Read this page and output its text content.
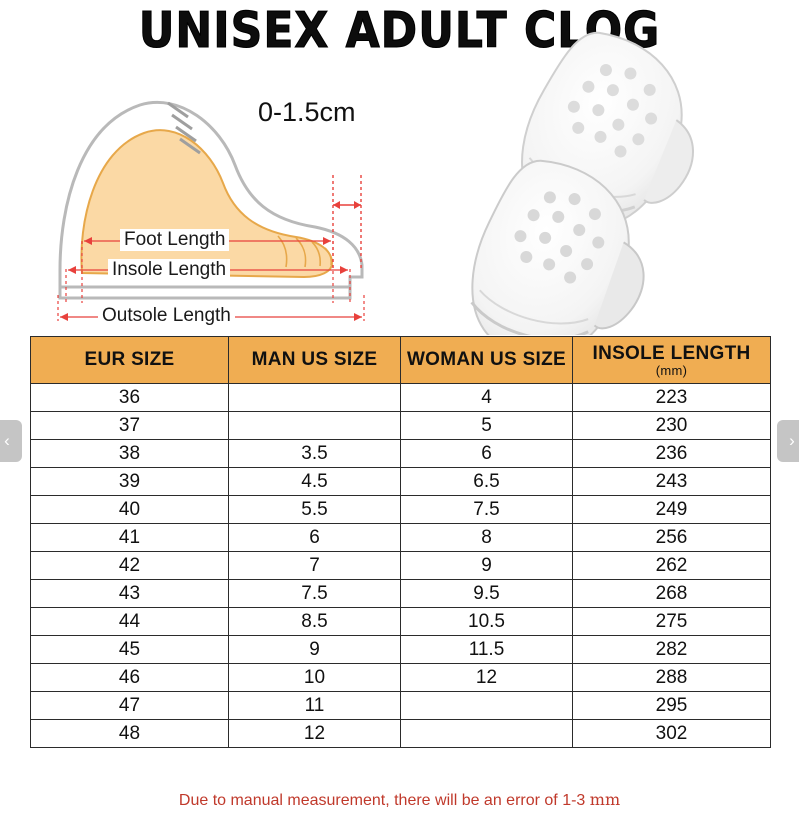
UNISEX ADULT CLOG
0-1.5cm
Foot Length
Insole Length
Outsole Length
EUR SIZE	MAN US SIZE	WOMAN US SIZE	INSOLE LENGTH
(mm)

36		4	223
37		5	230
38	3.5	6	236
39	4.5	6.5	243
40	5.5	7.5	249
41	6	8	256
42	7	9	262
43	7.5	9.5	268
44	8.5	10.5	275
45	9	11.5	282
46	10	12	288
47	11		295
48	12		302
Due to manual measurement, there will be an error of 1-3 mm
‹	›
